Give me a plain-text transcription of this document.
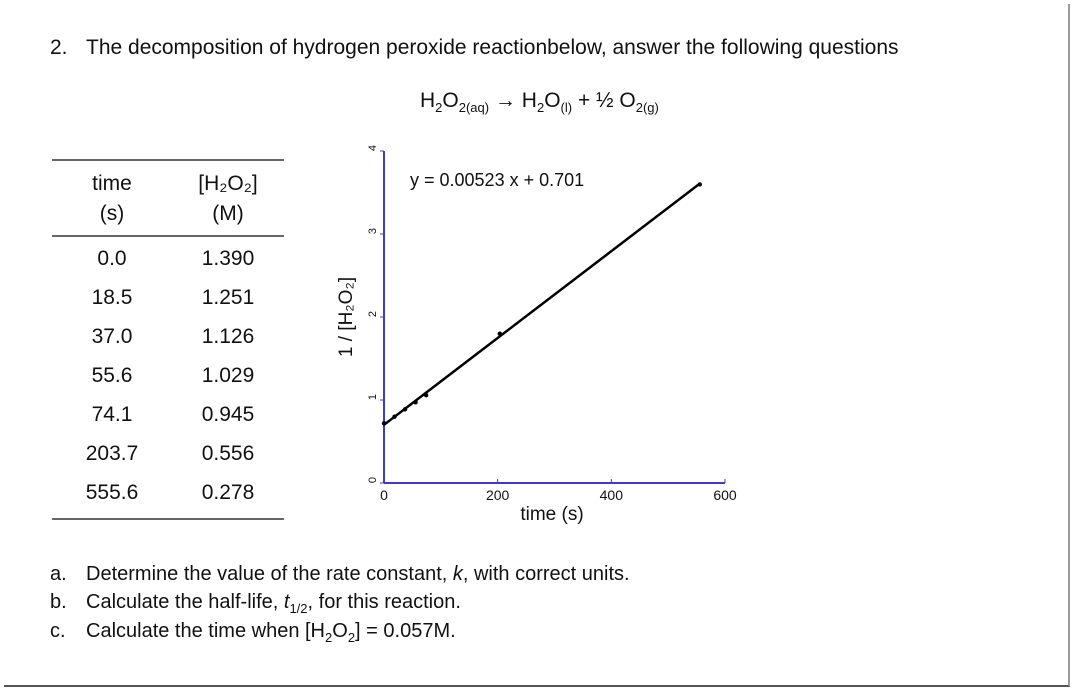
2. The decomposition of hydrogen peroxide reactionbelow, answer the following questions
$H_2O_{2(aq)} \to H_2O_{(l)}$ + ½ $O_{2(g)}$
time	[H₂O₂]
(s)	(M)
0.0	1.390
18.5	1.251
37.0	1.126
55.6	1.029
74.1	0.945
203.7	0.556
555.6	0.278
0
1
2
3
4
0	200	400	600
y = 0.00523 x + 0.701
time (s)
1 / [H₂O₂]
a. Determine the value of the rate constant, k, with correct units.
b. Calculate the half-life, $t_{1/2}$, for this reaction.
c. Calculate the time when $[H_2O_2] = 0.057M$.
